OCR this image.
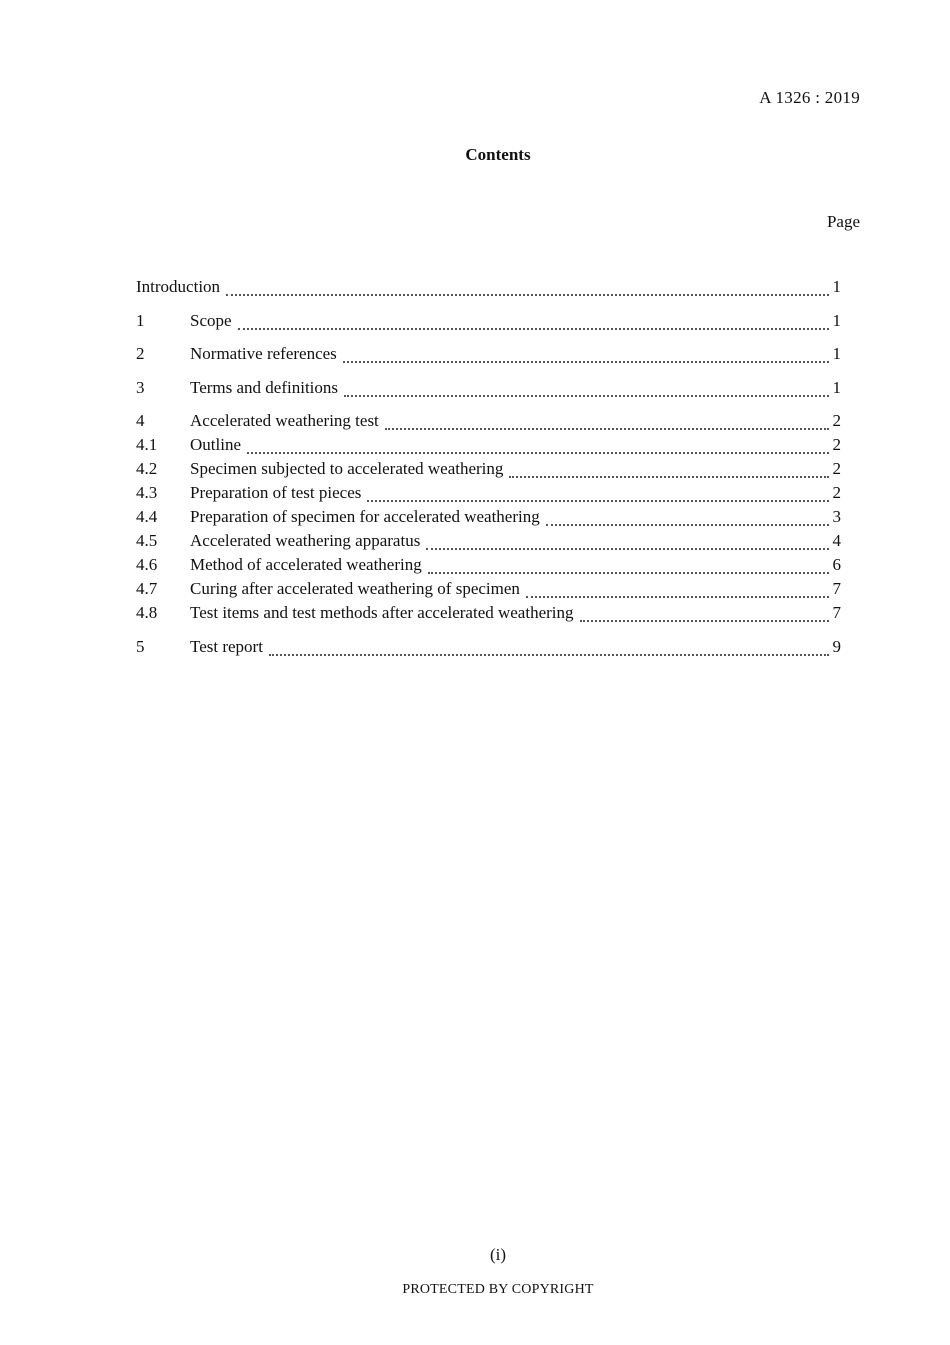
A 1326 : 2019
Contents
Page
Introduction	1
1	Scope	1
2	Normative references	1
3	Terms and definitions	1
4	Accelerated weathering test	2
4.1	Outline	2
4.2	Specimen subjected to accelerated weathering	2
4.3	Preparation of test pieces	2
4.4	Preparation of specimen for accelerated weathering	3
4.5	Accelerated weathering apparatus	4
4.6	Method of accelerated weathering	6
4.7	Curing after accelerated weathering of specimen	7
4.8	Test items and test methods after accelerated weathering	7
5	Test report	9
(i)
PROTECTED BY COPYRIGHT
